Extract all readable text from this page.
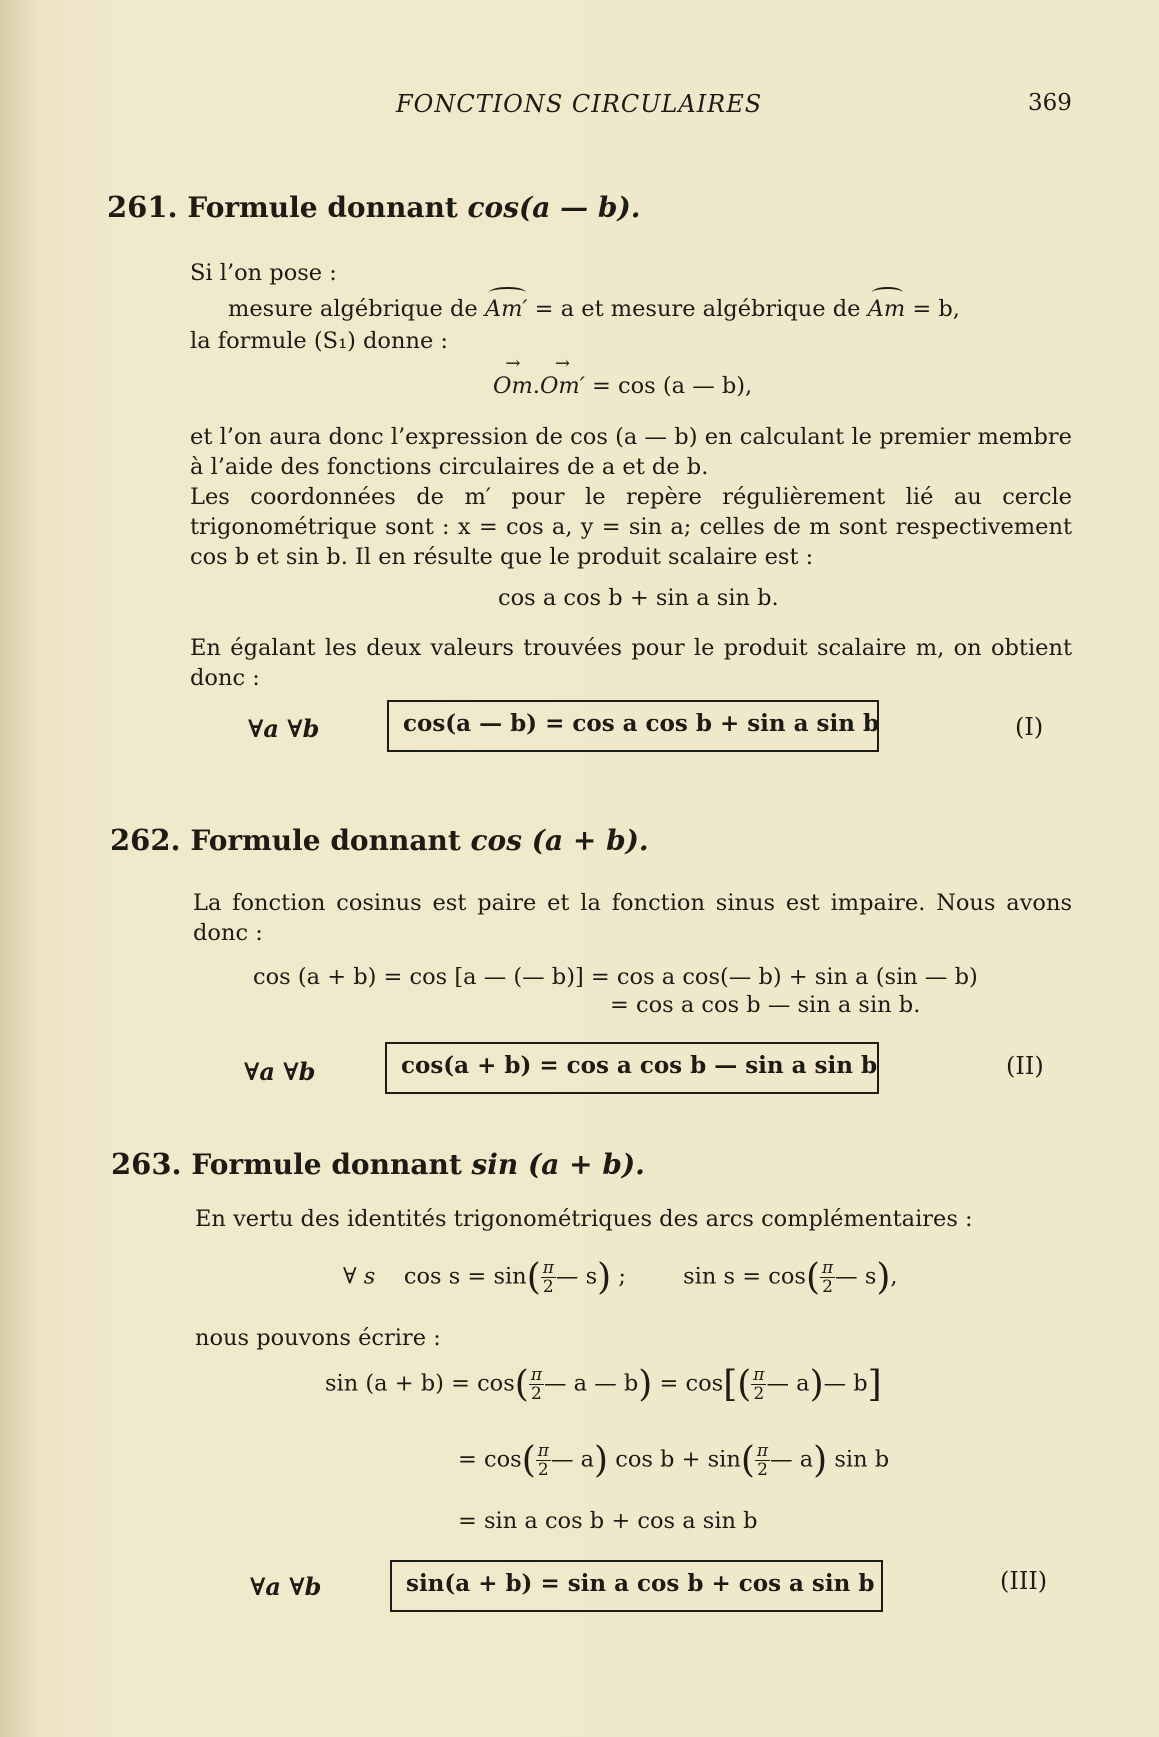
FONCTIONS CIRCULAIRES	369
261. Formule donnant cos(a — b).
Si l’on pose :
mesure algébrique de Am′ = a et mesure algébrique de Am = b,
la formule (S₁) donne :
→ Om.→ Om′ = cos (a — b),
et l’on aura donc l’expression de cos (a — b) en calculant le premier membre à l’aide des fonctions circulaires de a et de b.
Les coordonnées de m′ pour le repère régulièrement lié au cercle trigonométrique sont : x = cos a, y = sin a; celles de m sont respectivement cos b et sin b. Il en résulte que le produit scalaire est :
cos a cos b + sin a sin b.
En égalant les deux valeurs trouvées pour le produit scalaire m, on obtient donc :
∀a ∀b	cos(a — b) = cos a cos b + sin a sin b	(I)
262. Formule donnant cos (a + b).
La fonction cosinus est paire et la fonction sinus est impaire. Nous avons donc :
cos (a + b) = cos [a — (— b)] = cos a cos(— b) + sin a (sin — b)
= cos a cos b — sin a sin b.
∀a ∀b	cos(a + b) = cos a cos b — sin a sin b	(II)
263. Formule donnant sin (a + b).
En vertu des identités trigonométriques des arcs complémentaires :
∀ s $\cos s = \sin( \frac{\pi}{2}$ — s) ;	$\sin s = \cos( \frac{\pi}{2}$ — s),
nous pouvons écrire :
$\sin (a + b) = \cos( \frac{\pi}{2}$ — a — $b) = \cos[( \frac{\pi}{2}$ — a)— b]
= $\cos( \frac{\pi}{2}$ — a) $\cos b + \sin( \frac{\pi}{2}$ — a) sin b
= sin a cos b + cos a sin b
∀a ∀b	sin(a + b) = sin a cos b + cos a sin b	(III)
